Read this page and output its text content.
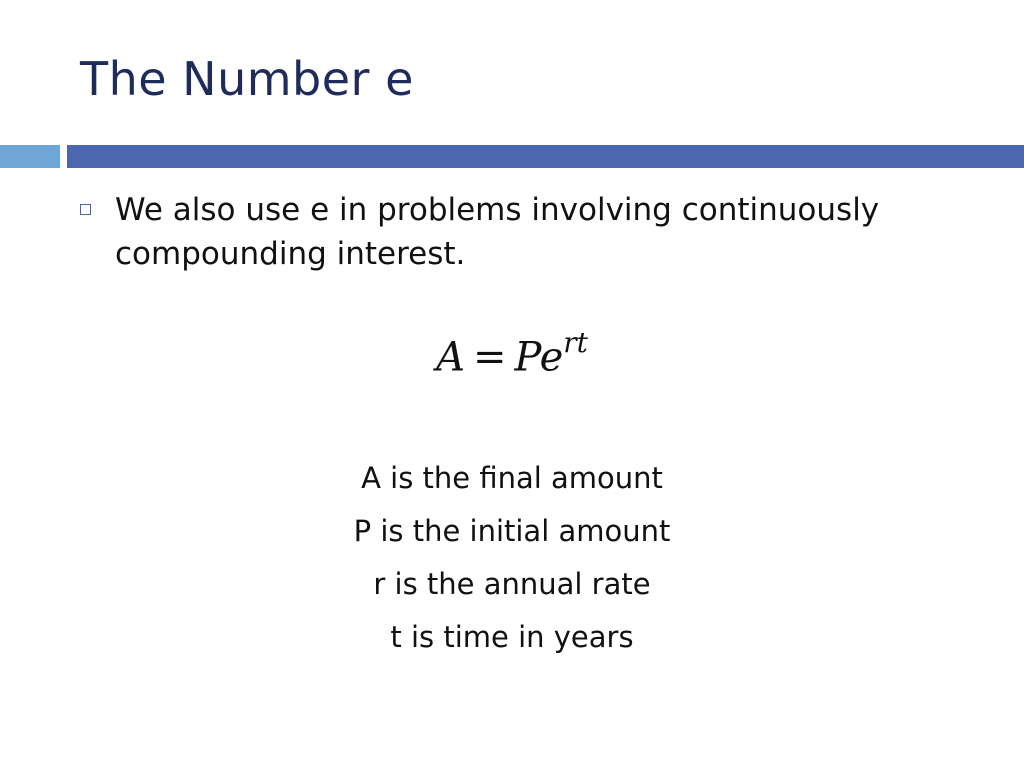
The Number e
We also use e in problems involving continuously compounding interest.
$A = Pe^{rt}$
A is the final amount
P is the initial amount
r is the annual rate
t is time in years
